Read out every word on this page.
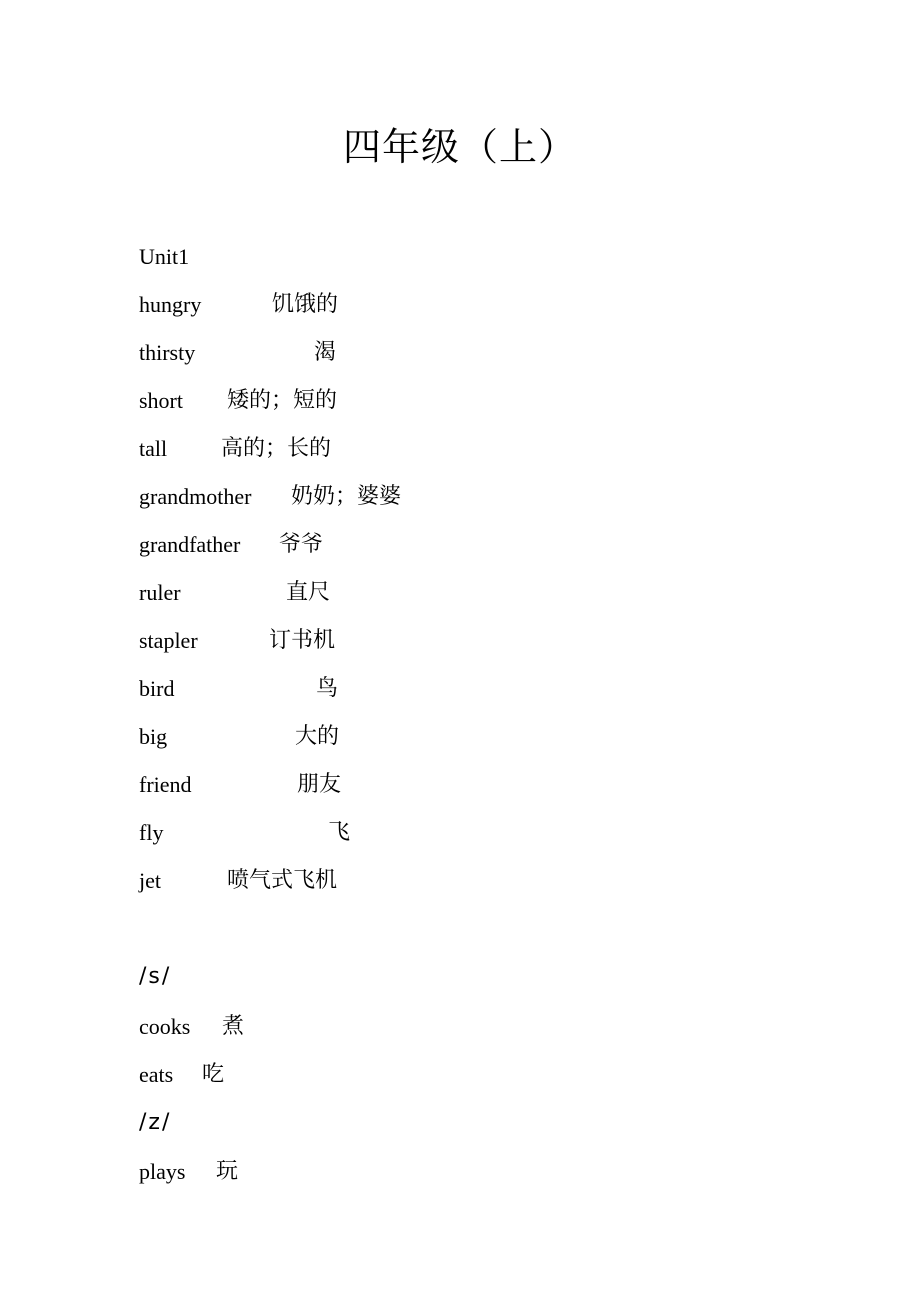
四年级（上）
Unit1
hungry	饥饿的
thirsty	渴
short 矮的；短的
tall 高的；长的
grandmother 奶奶；婆婆
grandfather 爷爷
ruler	直尺
stapler	订书机
bird	鸟
big	大的
friend	朋友
fly	飞
jet	喷气式飞机
/s/
cooks 煮
eats 吃
/z/
plays 玩
